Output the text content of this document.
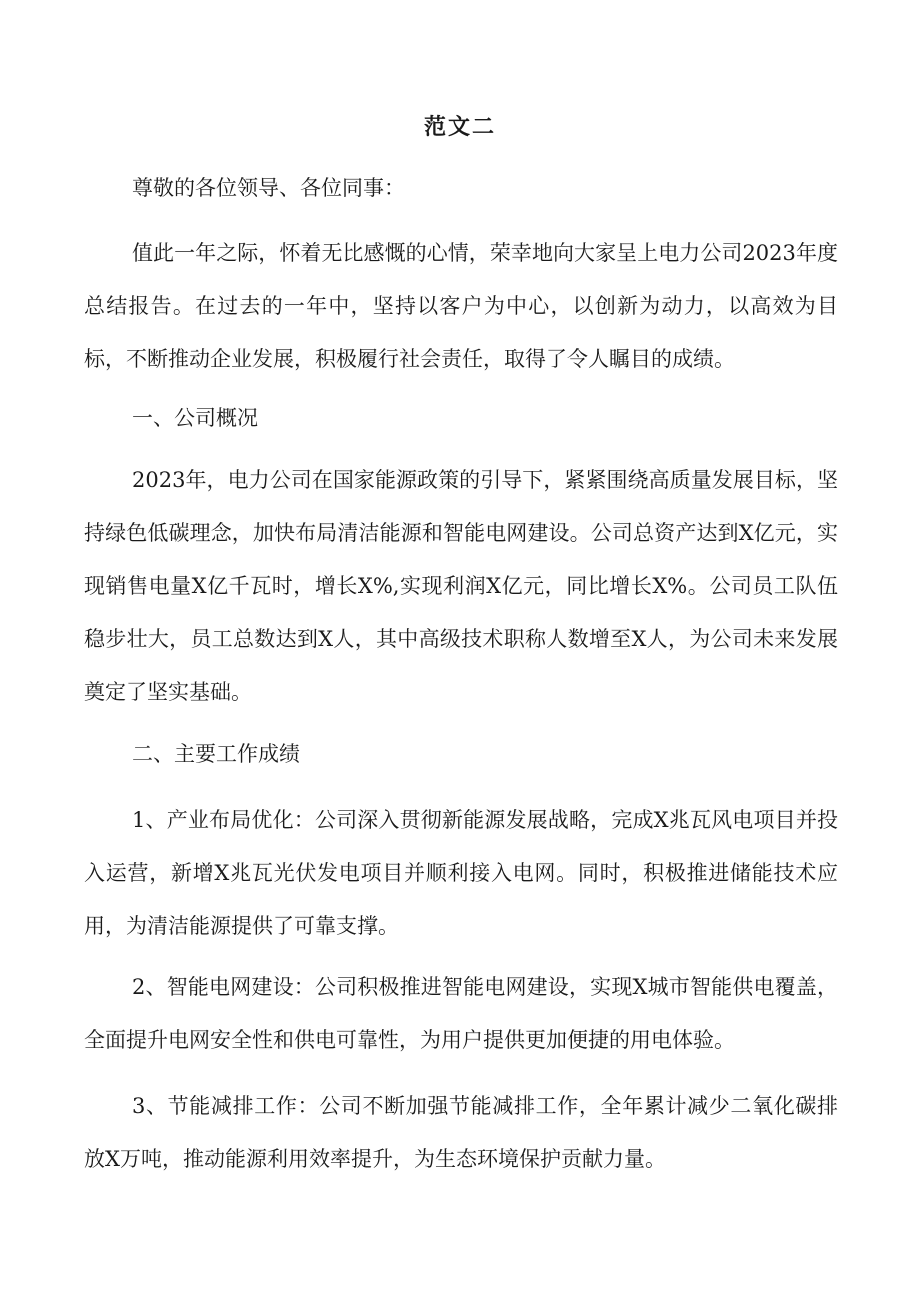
范文二

尊敬的各位领导、各位同事：

值此一年之际，怀着无比感慨的心情，荣幸地向大家呈上电力公司2023年度总结报告。在过去的一年中，坚持以客户为中心，以创新为动力，以高效为目标，不断推动企业发展，积极履行社会责任，取得了令人瞩目的成绩。

一、公司概况

2023年，电力公司在国家能源政策的引导下，紧紧围绕高质量发展目标，坚持绿色低碳理念，加快布局清洁能源和智能电网建设。公司总资产达到X亿元，实现销售电量X亿千瓦时，增长X%,实现利润X亿元，同比增长X%。公司员工队伍稳步壮大，员工总数达到X人，其中高级技术职称人数增至X人，为公司未来发展奠定了坚实基础。

二、主要工作成绩

1、产业布局优化：公司深入贯彻新能源发展战略，完成X兆瓦风电项目并投入运营，新增X兆瓦光伏发电项目并顺利接入电网。同时，积极推进储能技术应用，为清洁能源提供了可靠支撑。

2、智能电网建设：公司积极推进智能电网建设，实现X城市智能供电覆盖，全面提升电网安全性和供电可靠性，为用户提供更加便捷的用电体验。

3、节能减排工作：公司不断加强节能减排工作，全年累计减少二氧化碳排放X万吨，推动能源利用效率提升，为生态环境保护贡献力量。
